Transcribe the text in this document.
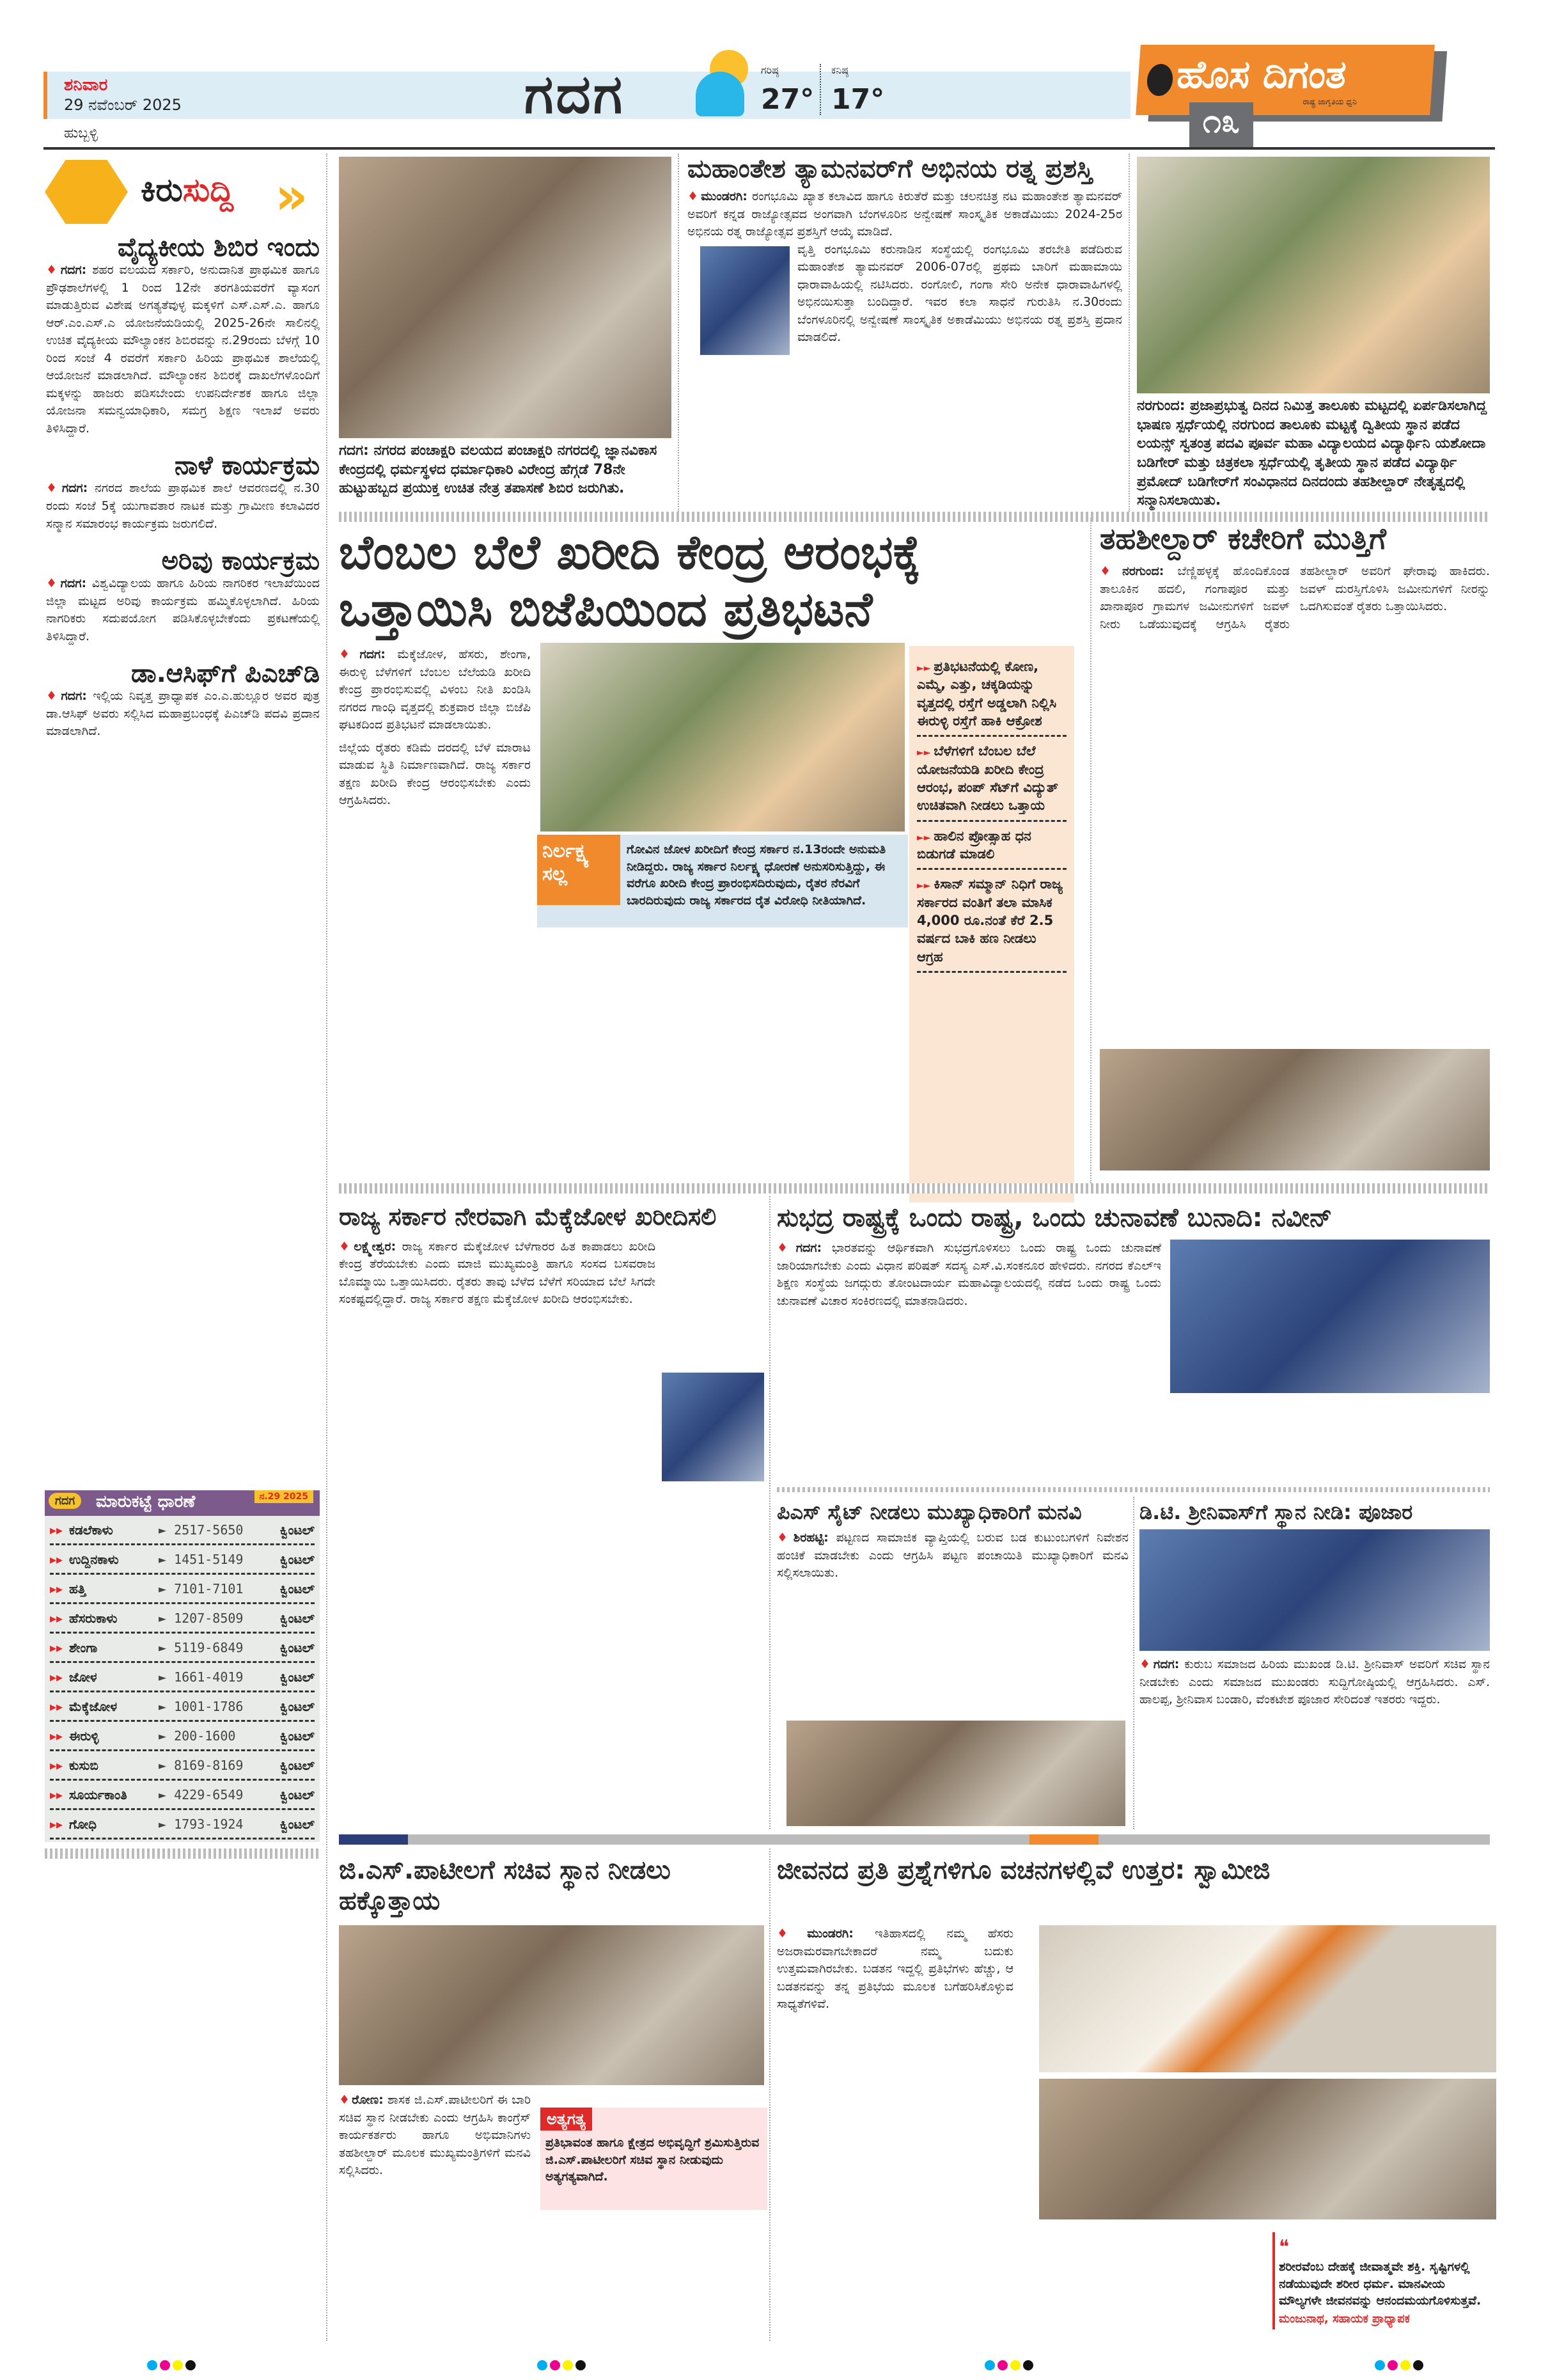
ಶನಿವಾರ
29 ನವೆಂಬರ್ 2025
ಹುಬ್ಬಳ್ಳಿ
ಗದಗ	ಗರಿಷ್ಠ
27°
ಕನಿಷ್ಠ
17°
ಹೊಸ ದಿಗಂತ
ರಾಷ್ಟ್ರ ಜಾಗೃತಿಯ ಧ್ವನಿ
೧೩
ಕಿರುಸುದ್ದಿ »
ವೈದ್ಯಕೀಯ ಶಿಬಿರ ಇಂದು

♦ ಗದಗ: ಶಹರ ವಲಯದ ಸರ್ಕಾರಿ, ಅನುದಾನಿತ ಪ್ರಾಥಮಿಕ ಹಾಗೂ ಪ್ರೌಢಶಾಲೆಗಳಲ್ಲಿ 1 ರಿಂದ 12ನೇ ತರಗತಿಯವರೆಗೆ ವ್ಯಾಸಂಗ ಮಾಡುತ್ತಿರುವ ವಿಶೇಷ ಅಗತ್ಯತೆವುಳ್ಳ ಮಕ್ಕಳಿಗೆ ಎಸ್.ಎಸ್.ಎ. ಹಾಗೂ ಆರ್.ಎಂ.ಎಸ್.ಎ ಯೋಜನೆಯಡಿಯಲ್ಲಿ 2025-26ನೇ ಸಾಲಿನಲ್ಲಿ ಉಚಿತ ವೈದ್ಯಕೀಯ ಮೌಲ್ಯಾಂಕನ ಶಿಬಿರವನ್ನು ನ.29ರಂದು ಬೆಳಗ್ಗೆ 10 ರಿಂದ ಸಂಜೆ 4 ರವರೆಗೆ ಸರ್ಕಾರಿ ಹಿರಿಯ ಪ್ರಾಥಮಿಕ ಶಾಲೆಯಲ್ಲಿ ಆಯೋಜನೆ ಮಾಡಲಾಗಿದೆ. ಮೌಲ್ಯಾಂಕನ ಶಿಬಿರಕ್ಕೆ ದಾಖಲೆಗಳೊಂದಿಗೆ ಮಕ್ಕಳನ್ನು ಹಾಜರು ಪಡಿಸಬೇಂದು ಉಪನಿರ್ದೇಶಕ ಹಾಗೂ ಜಿಲ್ಲಾ ಯೋಜನಾ ಸಮನ್ವಯಾಧಿಕಾರಿ, ಸಮಗ್ರ ಶಿಕ್ಷಣ ಇಲಾಖೆ ಅವರು ತಿಳಿಸಿದ್ದಾರೆ.

ನಾಳೆ ಕಾರ್ಯಕ್ರಮ

♦ ಗದಗ: ನಗರದ ಶಾಲೆಯ ಪ್ರಾಥಮಿಕ ಶಾಲೆ ಆವರಣದಲ್ಲಿ ನ.30 ರಂದು ಸಂಜೆ 5ಕ್ಕೆ ಯುಗಾವತಾರ ನಾಟಕ ಮತ್ತು ಗ್ರಾಮೀಣ ಕಲಾವಿದರ ಸನ್ಮಾನ ಸಮಾರಂಭ ಕಾರ್ಯಕ್ರಮ ಜರುಗಲಿದೆ.

ಅರಿವು ಕಾರ್ಯಕ್ರಮ

♦ ಗದಗ: ವಿಶ್ವವಿದ್ಯಾಲಯ ಹಾಗೂ ಹಿರಿಯ ನಾಗರಿಕರ ಇಲಾಖೆಯಿಂದ ಜಿಲ್ಲಾ ಮಟ್ಟದ ಅರಿವು ಕಾರ್ಯಕ್ರಮ ಹಮ್ಮಿಕೊಳ್ಳಲಾಗಿದೆ. ಹಿರಿಯ ನಾಗರಿಕರು ಸದುಪಯೋಗ ಪಡಿಸಿಕೊಳ್ಳಬೇಕೆಂದು ಪ್ರಕಟಣೆಯಲ್ಲಿ ತಿಳಿಸಿದ್ದಾರೆ.

ಡಾ.ಆಸಿಫ್‌ಗೆ ಪಿಎಚ್‌ಡಿ

♦ ಗದಗ: ಇಲ್ಲಿಯ ನಿವೃತ್ತ ಪ್ರಾಧ್ಯಾಪಕ ಎಂ.ಎ.ಹುಲ್ಲೂರ ಅವರ ಪುತ್ರ ಡಾ.ಆಸಿಫ್ ಅವರು ಸಲ್ಲಿಸಿದ ಮಹಾಪ್ರಬಂಧಕ್ಕೆ ಪಿಎಚ್‌ಡಿ ಪದವಿ ಪ್ರದಾನ ಮಾಡಲಾಗಿದೆ.

ಗದಗ	ಮಾರುಕಟ್ಟೆ ಧಾರಣೆ	ನ.29 2025
▸▸ ಕಡಲೆಕಾಳು	► 2517-5650	ಕ್ವಿಂಟಲ್
▸▸ ಉದ್ದಿನಕಾಳು	► 1451-5149	ಕ್ವಿಂಟಲ್
▸▸ ಹತ್ತಿ	► 7101-7101	ಕ್ವಿಂಟಲ್
▸▸ ಹೆಸರುಕಾಳು	► 1207-8509	ಕ್ವಿಂಟಲ್
▸▸ ಶೇಂಗಾ	► 5119-6849	ಕ್ವಿಂಟಲ್
▸▸ ಜೋಳ	► 1661-4019	ಕ್ವಿಂಟಲ್
▸▸ ಮೆಕ್ಕೆಜೋಳ	► 1001-1786	ಕ್ವಿಂಟಲ್
▸▸ ಈರುಳ್ಳಿ	► 200-1600	ಕ್ವಿಂಟಲ್
▸▸ ಕುಸುಬಿ	► 8169-8169	ಕ್ವಿಂಟಲ್
▸▸ ಸೂರ್ಯಕಾಂತಿ	► 4229-6549	ಕ್ವಿಂಟಲ್
▸▸ ಗೋಧಿ	► 1793-1924	ಕ್ವಿಂಟಲ್
ಗದಗ: ನಗರದ ಪಂಚಾಕ್ಷರಿ ವಲಯದ ಪಂಚಾಕ್ಷರಿ ನಗರದಲ್ಲಿ ಜ್ಞಾನವಿಕಾಸ ಕೇಂದ್ರದಲ್ಲಿ ಧರ್ಮಸ್ಥಳದ ಧರ್ಮಾಧಿಕಾರಿ ವಿರೇಂದ್ರ ಹೆಗ್ಗಡೆ 78ನೇ ಹುಟ್ಟುಹಬ್ಬದ ಪ್ರಯುಕ್ತ ಉಚಿತ ನೇತ್ರ ತಪಾಸಣೆ ಶಿಬಿರ ಜರುಗಿತು.
ಮಹಾಂತೇಶ ತ್ಯಾಮನವರ್‌ಗೆ ಅಭಿನಯ ರತ್ನ ಪ್ರಶಸ್ತಿ

♦ ಮುಂಡರಗಿ: ರಂಗಭೂಮಿ ಖ್ಯಾತ ಕಲಾವಿದ ಹಾಗೂ ಕಿರುತೆರೆ ಮತ್ತು ಚಲನಚಿತ್ರ ನಟ ಮಹಾಂತೇಶ ತ್ಯಾಮನವರ್ ಅವರಿಗೆ ಕನ್ನಡ ರಾಜ್ಯೋತ್ಸವದ ಅಂಗವಾಗಿ ಬೆಂಗಳೂರಿನ ಅನ್ವೇಷಣೆ ಸಾಂಸ್ಕೃತಿಕ ಅಕಾಡೆಮಿಯು 2024-25ರ ಅಭಿನಯ ರತ್ನ ರಾಜ್ಯೋತ್ಸವ ಪ್ರಶಸ್ತಿಗೆ ಆಯ್ಕೆ ಮಾಡಿದೆ.

ವೃತ್ತಿ ರಂಗಭೂಮಿ ಕರುನಾಡಿನ ಸಂಸ್ಥೆಯಲ್ಲಿ ರಂಗಭೂಮಿ ತರಬೇತಿ ಪಡೆದಿರುವ ಮಹಾಂತೇಶ ತ್ಯಾಮನವರ್ 2006-07ರಲ್ಲಿ ಪ್ರಥಮ ಬಾರಿಗೆ ಮಹಾಮಾಯಿ ಧಾರಾವಾಹಿಯಲ್ಲಿ ನಟಿಸಿದರು. ರಂಗೋಲಿ, ಗಂಗಾ ಸೇರಿ ಅನೇಕ ಧಾರಾವಾಹಿಗಳಲ್ಲಿ ಅಭಿನಯಿಸುತ್ತಾ ಬಂದಿದ್ದಾರೆ. ಇವರ ಕಲಾ ಸಾಧನೆ ಗುರುತಿಸಿ ನ.30ರಂದು ಬೆಂಗಳೂರಿನಲ್ಲಿ ಅನ್ವೇಷಣೆ ಸಾಂಸ್ಕೃತಿಕ ಅಕಾಡೆಮಿಯು ಅಭಿನಯ ರತ್ನ ಪ್ರಶಸ್ತಿ ಪ್ರದಾನ ಮಾಡಲಿದೆ.

ನರಗುಂದ: ಪ್ರಜಾಪ್ರಭುತ್ವ ದಿನದ ನಿಮಿತ್ತ ತಾಲೂಕು ಮಟ್ಟದಲ್ಲಿ ಏರ್ಪಡಿಸಲಾಗಿದ್ದ ಭಾಷಣ ಸ್ಪರ್ಧೆಯಲ್ಲಿ ನರಗುಂದ ತಾಲೂಕು ಮಟ್ಟಕ್ಕೆ ದ್ವಿತೀಯ ಸ್ಥಾನ ಪಡೆದ ಲಯನ್ಸ್ ಸ್ವತಂತ್ರ ಪದವಿ ಪೂರ್ವ ಮಹಾ ವಿದ್ಯಾಲಯದ ವಿದ್ಯಾರ್ಥಿನಿ ಯಶೋದಾ ಬಡಿಗೇರ್ ಮತ್ತು ಚಿತ್ರಕಲಾ ಸ್ಪರ್ಧೆಯಲ್ಲಿ ತೃತೀಯ ಸ್ಥಾನ ಪಡೆದ ವಿದ್ಯಾರ್ಥಿ ಪ್ರಮೋದ್ ಬಡಿಗೇರ್‌ಗೆ ಸಂವಿಧಾನದ ದಿನದಂದು ತಹಶೀಲ್ದಾರ್ ನೇತೃತ್ವದಲ್ಲಿ ಸನ್ಮಾನಿಸಲಾಯಿತು.
ಬೆಂಬಲ ಬೆಲೆ ಖರೀದಿ ಕೇಂದ್ರ ಆರಂಭಕ್ಕೆ
ಒತ್ತಾಯಿಸಿ ಬಿಜೆಪಿಯಿಂದ ಪ್ರತಿಭಟನೆ

♦ ಗದಗ: ಮೆಕ್ಕೆಜೋಳ, ಹೆಸರು, ಶೇಂಗಾ, ಈರುಳ್ಳಿ ಬೆಳೆಗಳಿಗೆ ಬೆಂಬಲ ಬೆಲೆಯಡಿ ಖರೀದಿ ಕೇಂದ್ರ ಪ್ರಾರಂಭಿಸುವಲ್ಲಿ ವಿಳಂಬ ನೀತಿ ಖಂಡಿಸಿ ನಗರದ ಗಾಂಧಿ ವೃತ್ತದಲ್ಲಿ ಶುಕ್ರವಾರ ಜಿಲ್ಲಾ ಬಿಜೆಪಿ ಘಟಕದಿಂದ ಪ್ರತಿಭಟನೆ ಮಾಡಲಾಯಿತು.

ಜಿಲ್ಲೆಯ ರೈತರು ಕಡಿಮೆ ದರದಲ್ಲಿ ಬೆಳೆ ಮಾರಾಟ ಮಾಡುವ ಸ್ಥಿತಿ ನಿರ್ಮಾಣವಾಗಿದೆ. ರಾಜ್ಯ ಸರ್ಕಾರ ತಕ್ಷಣ ಖರೀದಿ ಕೇಂದ್ರ ಆರಂಭಿಸಬೇಕು ಎಂದು ಆಗ್ರಹಿಸಿದರು.

ನಿರ್ಲಕ್ಷ್ಯ ಸಲ್ಲ
ಗೋವಿನ ಜೋಳ ಖರೀದಿಗೆ ಕೇಂದ್ರ ಸರ್ಕಾರ ನ.13ರಂದೇ ಅನುಮತಿ ನೀಡಿದ್ದರು. ರಾಜ್ಯ ಸರ್ಕಾರ ನಿರ್ಲಕ್ಷ್ಯ ಧೋರಣೆ ಅನುಸರಿಸುತ್ತಿದ್ದು, ಈ ವರೆಗೂ ಖರೀದಿ ಕೇಂದ್ರ ಪ್ರಾರಂಭಿಸದಿರುವುದು, ರೈತರ ನೆರವಿಗೆ ಬಾರದಿರುವುದು ರಾಜ್ಯ ಸರ್ಕಾರದ ರೈತ ವಿರೋಧಿ ನೀತಿಯಾಗಿದೆ.
►► ಪ್ರತಿಭಟನೆಯಲ್ಲಿ ಕೋಣ, ಎಮ್ಮೆ, ಎತ್ತು, ಚಕ್ಕಡಿಯನ್ನು ವೃತ್ತದಲ್ಲಿ ರಸ್ತೆಗೆ ಅಡ್ಡಲಾಗಿ ನಿಲ್ಲಿಸಿ ಈರುಳ್ಳಿ ರಸ್ತೆಗೆ ಹಾಕಿ ಆಕ್ರೋಶ
►► ಬೆಳೆಗಳಿಗೆ ಬೆಂಬಲ ಬೆಲೆ ಯೋಜನೆಯಡಿ ಖರೀದಿ ಕೇಂದ್ರ ಆರಂಭ, ಪಂಪ್ ಸೆಟ್‌ಗೆ ವಿದ್ಯುತ್ ಉಚಿತವಾಗಿ ನೀಡಲು ಒತ್ತಾಯ
►► ಹಾಲಿನ ಪ್ರೋತ್ಸಾಹ ಧನ ಬಿಡುಗಡೆ ಮಾಡಲಿ
►► ಕಿಸಾನ್ ಸಮ್ಮಾನ್ ನಿಧಿಗೆ ರಾಜ್ಯ ಸರ್ಕಾರದ ವಂತಿಗೆ ತಲಾ ಮಾಸಿಕ 4,000 ರೂ.ನಂತೆ ಕೆರೆ 2.5 ವರ್ಷದ ಬಾಕಿ ಹಣ ನೀಡಲು ಆಗ್ರಹ
ತಹಶೀಲ್ದಾರ್ ಕಚೇರಿಗೆ ಮುತ್ತಿಗೆ

♦ ನರಗುಂದ: ಬೆಣ್ಣಿಹಳ್ಳಕ್ಕೆ ಹೊಂದಿಕೊಂಡ ತಾಲೂಕಿನ ಹದಲಿ, ಗಂಗಾಪೂರ ಮತ್ತು ಖಾನಾಪೂರ ಗ್ರಾಮಗಳ ಜಮೀನುಗಳಿಗೆ ಜವಳ್ ನೀರು ಒಡೆಯುವುದಕ್ಕೆ ಆಗ್ರಹಿಸಿ ರೈತರು ತಹಶೀಲ್ದಾರ್ ಅವರಿಗೆ ಘೇರಾವು ಹಾಕಿದರು. ಜವಳ್ ದುರಸ್ತಿಗೊಳಿಸಿ ಜಮೀನುಗಳಿಗೆ ನೀರನ್ನು ಒದಗಿಸುವಂತೆ ರೈತರು ಒತ್ತಾಯಿಸಿದರು.

ರಾಜ್ಯ ಸರ್ಕಾರ ನೇರವಾಗಿ ಮೆಕ್ಕೆಜೋಳ ಖರೀದಿಸಲಿ

♦ ಲಕ್ಷ್ಮೇಶ್ವರ: ರಾಜ್ಯ ಸರ್ಕಾರ ಮೆಕ್ಕೆಜೋಳ ಬೆಳೆಗಾರರ ಹಿತ ಕಾಪಾಡಲು ಖರೀದಿ ಕೇಂದ್ರ ತೆರೆಯಬೇಕು ಎಂದು ಮಾಜಿ ಮುಖ್ಯಮಂತ್ರಿ ಹಾಗೂ ಸಂಸದ ಬಸವರಾಜ ಬೊಮ್ಮಾಯಿ ಒತ್ತಾಯಿಸಿದರು. ರೈತರು ತಾವು ಬೆಳೆದ ಬೆಳೆಗೆ ಸರಿಯಾದ ಬೆಲೆ ಸಿಗದೇ ಸಂಕಷ್ಟದಲ್ಲಿದ್ದಾರೆ. ರಾಜ್ಯ ಸರ್ಕಾರ ತಕ್ಷಣ ಮೆಕ್ಕೆಜೋಳ ಖರೀದಿ ಆರಂಭಿಸಬೇಕು.

ಸುಭದ್ರ ರಾಷ್ಟ್ರಕ್ಕೆ ಒಂದು ರಾಷ್ಟ್ರ, ಒಂದು ಚುನಾವಣೆ ಬುನಾದಿ: ನವೀನ್

♦ ಗದಗ: ಭಾರತವನ್ನು ಆರ್ಥಿಕವಾಗಿ ಸುಭದ್ರಗೊಳಿಸಲು ಒಂದು ರಾಷ್ಟ್ರ ಒಂದು ಚುನಾವಣೆ ಜಾರಿಯಾಗಬೇಕು ಎಂದು ವಿಧಾನ ಪರಿಷತ್ ಸದಸ್ಯ ಎಸ್.ವಿ.ಸಂಕನೂರ ಹೇಳಿದರು. ನಗರದ ಕೆಎಲ್‌ಇ ಶಿಕ್ಷಣ ಸಂಸ್ಥೆಯ ಜಗದ್ಗುರು ತೋಂಟದಾರ್ಯ ಮಹಾವಿದ್ಯಾಲಯದಲ್ಲಿ ನಡೆದ ಒಂದು ರಾಷ್ಟ್ರ ಒಂದು ಚುನಾವಣೆ ವಿಚಾರ ಸಂಕಿರಣದಲ್ಲಿ ಮಾತನಾಡಿದರು.

ಪಿಎಸ್ ಸೈಟ್ ನೀಡಲು ಮುಖ್ಯಾಧಿಕಾರಿಗೆ ಮನವಿ

♦ ಶಿರಹಟ್ಟಿ: ಪಟ್ಟಣದ ಸಾಮಾಜಿಕ ವ್ಯಾಪ್ತಿಯಲ್ಲಿ ಬರುವ ಬಡ ಕುಟುಂಬಗಳಿಗೆ ನಿವೇಶನ ಹಂಚಿಕೆ ಮಾಡಬೇಕು ಎಂದು ಆಗ್ರಹಿಸಿ ಪಟ್ಟಣ ಪಂಚಾಯಿತಿ ಮುಖ್ಯಾಧಿಕಾರಿಗೆ ಮನವಿ ಸಲ್ಲಿಸಲಾಯಿತು.

ಡಿ.ಟಿ. ಶ್ರೀನಿವಾಸ್‌ಗೆ ಸ್ಥಾನ ನೀಡಿ: ಪೂಜಾರ

♦ ಗದಗ: ಕುರುಬ ಸಮಾಜದ ಹಿರಿಯ ಮುಖಂಡ ಡಿ.ಟಿ. ಶ್ರೀನಿವಾಸ್ ಅವರಿಗೆ ಸಚಿವ ಸ್ಥಾನ ನೀಡಬೇಕು ಎಂದು ಸಮಾಜದ ಮುಖಂಡರು ಸುದ್ದಿಗೋಷ್ಠಿಯಲ್ಲಿ ಆಗ್ರಹಿಸಿದರು. ಎಸ್. ಹಾಲಪ್ಪ, ಶ್ರೀನಿವಾಸ ಬಂಡಾರಿ, ವೆಂಕಟೇಶ ಪೂಜಾರ ಸೇರಿದಂತೆ ಇತರರು ಇದ್ದರು.

ಜಿ.ಎಸ್.ಪಾಟೀಲಗೆ ಸಚಿವ ಸ್ಥಾನ ನೀಡಲು ಹಕ್ಕೊತ್ತಾಯ

♦ ರೋಣ: ಶಾಸಕ ಜಿ.ಎಸ್.ಪಾಟೀಲರಿಗೆ ಈ ಬಾರಿ ಸಚಿವ ಸ್ಥಾನ ನೀಡಬೇಕು ಎಂದು ಆಗ್ರಹಿಸಿ ಕಾಂಗ್ರೆಸ್ ಕಾರ್ಯಕರ್ತರು ಹಾಗೂ ಅಭಿಮಾನಿಗಳು ತಹಶೀಲ್ದಾರ್ ಮೂಲಕ ಮುಖ್ಯಮಂತ್ರಿಗಳಿಗೆ ಮನವಿ ಸಲ್ಲಿಸಿದರು.

ಅತ್ಯಗತ್ಯ

ಪ್ರತಿಭಾವಂತ ಹಾಗೂ ಕ್ಷೇತ್ರದ ಅಭಿವೃದ್ಧಿಗೆ ಶ್ರಮಿಸುತ್ತಿರುವ ಜಿ.ಎಸ್.ಪಾಟೀಲರಿಗೆ ಸಚಿವ ಸ್ಥಾನ ನೀಡುವುದು ಅತ್ಯಗತ್ಯವಾಗಿದೆ.

ಜೀವನದ ಪ್ರತಿ ಪ್ರಶ್ನೆಗಳಿಗೂ ವಚನಗಳಲ್ಲಿವೆ ಉತ್ತರ: ಸ್ವಾಮೀಜಿ

♦ ಮುಂಡರಗಿ: ಇತಿಹಾಸದಲ್ಲಿ ನಮ್ಮ ಹೆಸರು ಅಜರಾಮರವಾಗಬೇಕಾದರೆ ನಮ್ಮ ಬದುಕು ಉತ್ತಮವಾಗಿರಬೇಕು. ಬಡತನ ಇದ್ದಲ್ಲಿ ಪ್ರತಿಭೆಗಳು ಹೆಚ್ಚು, ಆ ಬಡತನವನ್ನು ತನ್ನ ಪ್ರತಿಭೆಯ ಮೂಲಕ ಬಗೆಹರಿಸಿಕೊಳ್ಳುವ ಸಾಧ್ಯತೆಗಳಿವೆ.

❝

ಶರೀರವೆಂಬ ದೇಹಕ್ಕೆ ಜೀವಾತ್ಮವೇ ಶಕ್ತಿ. ಸೃಷ್ಟಿಗಳಲ್ಲಿ ನಡೆಯುವುದೇ ಶರೀರ ಧರ್ಮ. ಮಾನವೀಯ ಮೌಲ್ಯಗಳೇ ಜೀವನವನ್ನು ಆನಂದಮಯಗೊಳಿಸುತ್ತವೆ.

ಮಂಜುನಾಥ, ಸಹಾಯಕ ಪ್ರಾಧ್ಯಾಪಕ
